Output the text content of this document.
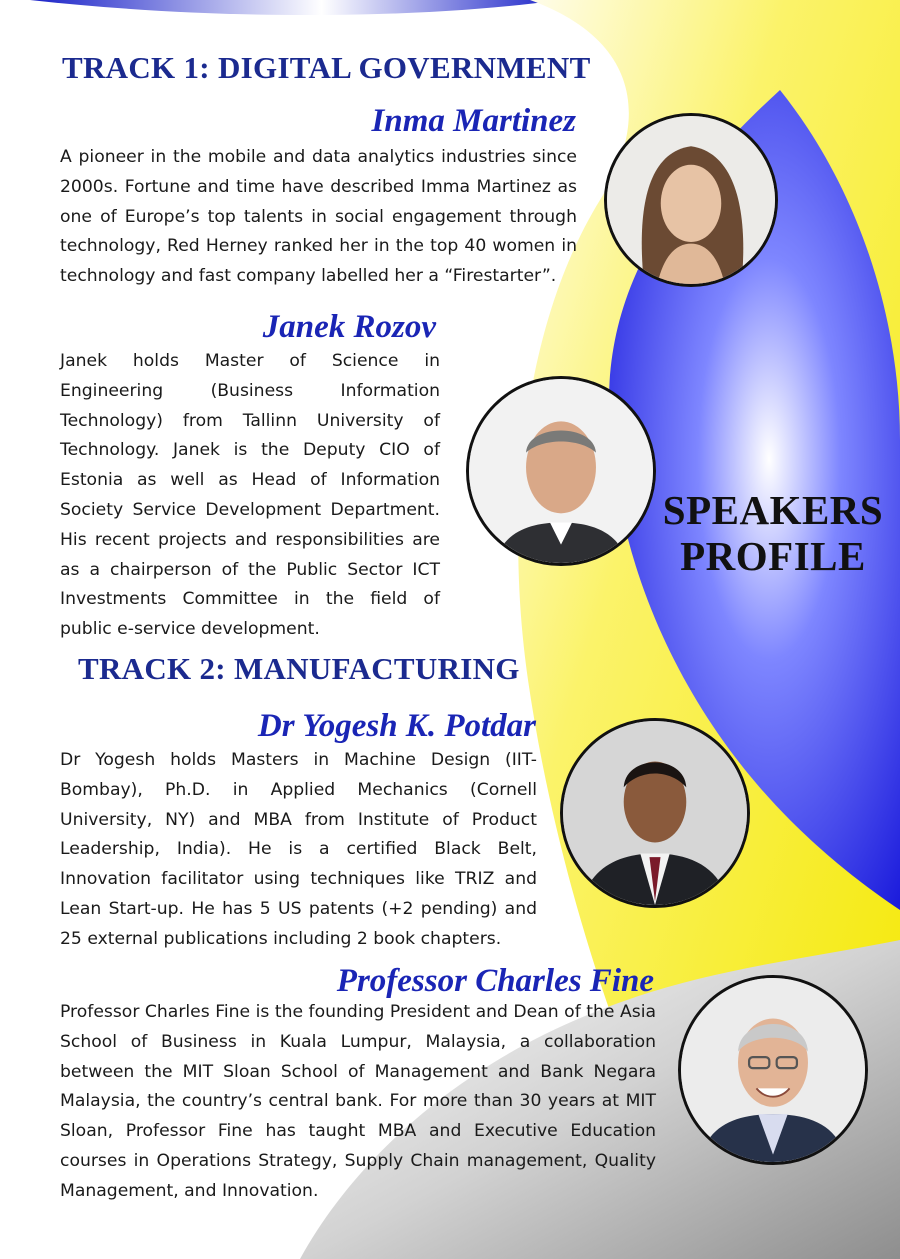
TRACK 1: DIGITAL GOVERNMENT
Inma Martinez

A pioneer in the mobile and data analytics industries since 2000s. Fortune and time have described Imma Martinez as one of Europe’s top talents in social engagement through technology, Red Herney ranked her in the top 40 women in technology and fast company labelled her a “Firestarter”.

Janek Rozov

Janek holds Master of Science in Engineering (Business Information Technology) from Tallinn University of Technology. Janek is the Deputy CIO of Estonia as well as Head of Information Society Service Development Department. His recent projects and responsibilities are as a chairperson of the Public Sector ICT Investments Committee in the field of public e-service development.

SPEAKERS
PROFILE
TRACK 2: MANUFACTURING
Dr Yogesh K. Potdar

Dr Yogesh holds Masters in Machine Design (IIT-Bombay), Ph.D. in Applied Mechanics (Cornell University, NY) and MBA from Institute of Product Leadership, India). He is a certified Black Belt, Innovation facilitator using techniques like TRIZ and Lean Start-up. He has 5 US patents (+2 pending) and 25 external publications including 2 book chapters.

Professor Charles Fine

Professor Charles Fine is the founding President and Dean of the Asia School of Business in Kuala Lumpur, Malaysia, a collaboration between the MIT Sloan School of Management and Bank Negara Malaysia, the country’s central bank. For more than 30 years at MIT Sloan, Professor Fine has taught MBA and Executive Education courses in Operations Strategy, Supply Chain management, Quality Management, and Innovation.
